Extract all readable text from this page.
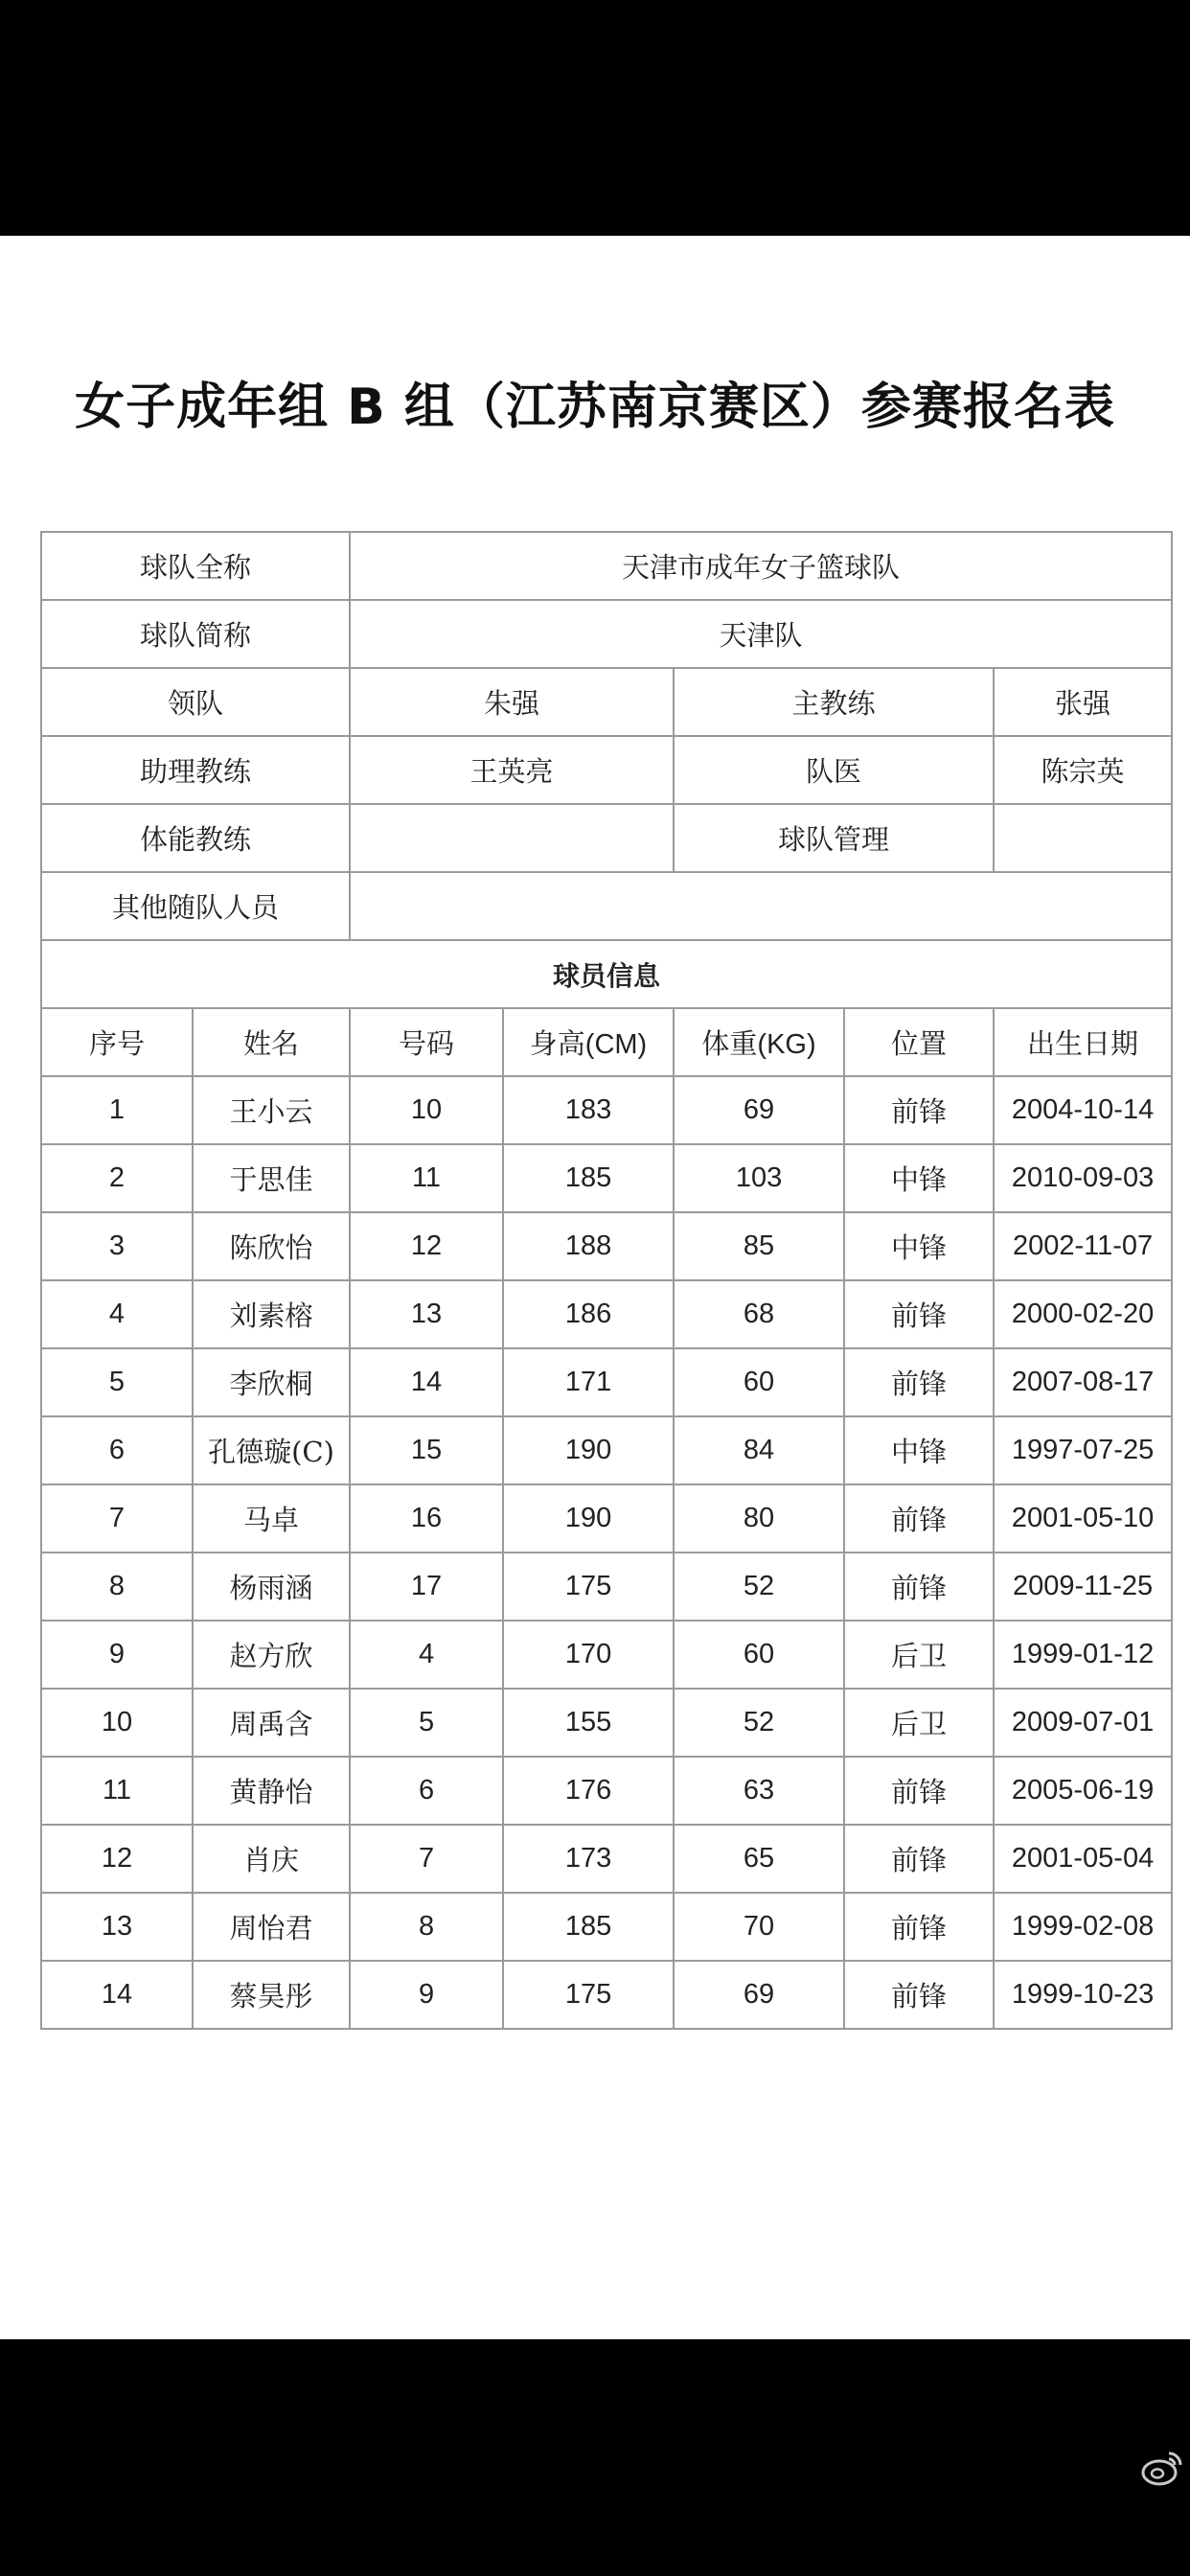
女子成年组 B 组（江苏南京赛区）参赛报名表
球队全称		天津市成年女子篮球队				
球队简称		天津队				
领队		朱强		主教练		张强
助理教练		王英亮		队医		陈宗英
体能教练				球队管理		
其他随队人员						
球员信息						
序号	姓名	号码	身高(CM)	体重(KG)	位置	出生日期
1	王小云	10	183	69	前锋	2004-10-14
2	于思佳	11	185	103	中锋	2010-09-03
3	陈欣怡	12	188	85	中锋	2002-11-07
4	刘素榕	13	186	68	前锋	2000-02-20
5	李欣桐	14	171	60	前锋	2007-08-17
6	孔德璇(C)	15	190	84	中锋	1997-07-25
7	马卓	16	190	80	前锋	2001-05-10
8	杨雨涵	17	175	52	前锋	2009-11-25
9	赵方欣	4	170	60	后卫	1999-01-12
10	周禹含	5	155	52	后卫	2009-07-01
11	黄静怡	6	176	63	前锋	2005-06-19
12	肖庆	7	173	65	前锋	2001-05-04
13	周怡君	8	185	70	前锋	1999-02-08
14	蔡昊彤	9	175	69	前锋	1999-10-23
